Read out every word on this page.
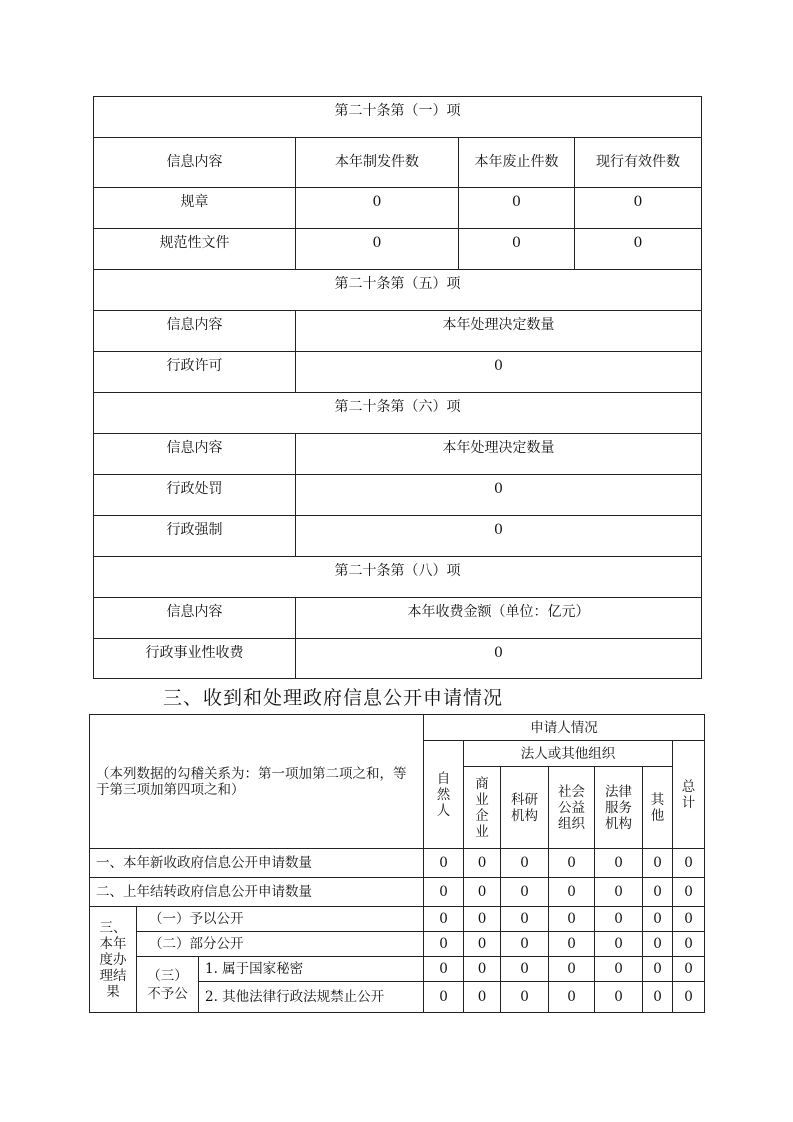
第二十条第（一）项			
信息内容	本年制发件数	本年废止件数	现行有效件数
规章	0	0	0
规范性文件	0	0	0
第二十条第（五）项			
信息内容	本年处理决定数量		
行政许可	0		
第二十条第（六）项			
信息内容	本年处理决定数量		
行政处罚	0		
行政强制	0		
第二十条第（八）项			
信息内容	本年收费金额（单位：亿元）		
行政事业性收费	0		
三、收到和处理政府信息公开申请情况
（本列数据的勾稽关系为：第一项加第二项之和，等于第三项加第四项之和）			申请人情况						
			自然人	法人或其他组织					总计
				商业企业	科研机构	社会公益组织	法律服务机构	其他	
一、本年新收政府信息公开申请数量			0	0	0	0	0	0	0
二、上年结转政府信息公开申请数量			0	0	0	0	0	0	0
三、本年度办理结果	（一）予以公开		0	0	0	0	0	0	0
	（二）部分公开		0	0	0	0	0	0	0
	（三）不予公	1. 属于国家秘密	0	0	0	0	0	0	0
		2. 其他法律行政法规禁止公开	0	0	0	0	0	0	0
